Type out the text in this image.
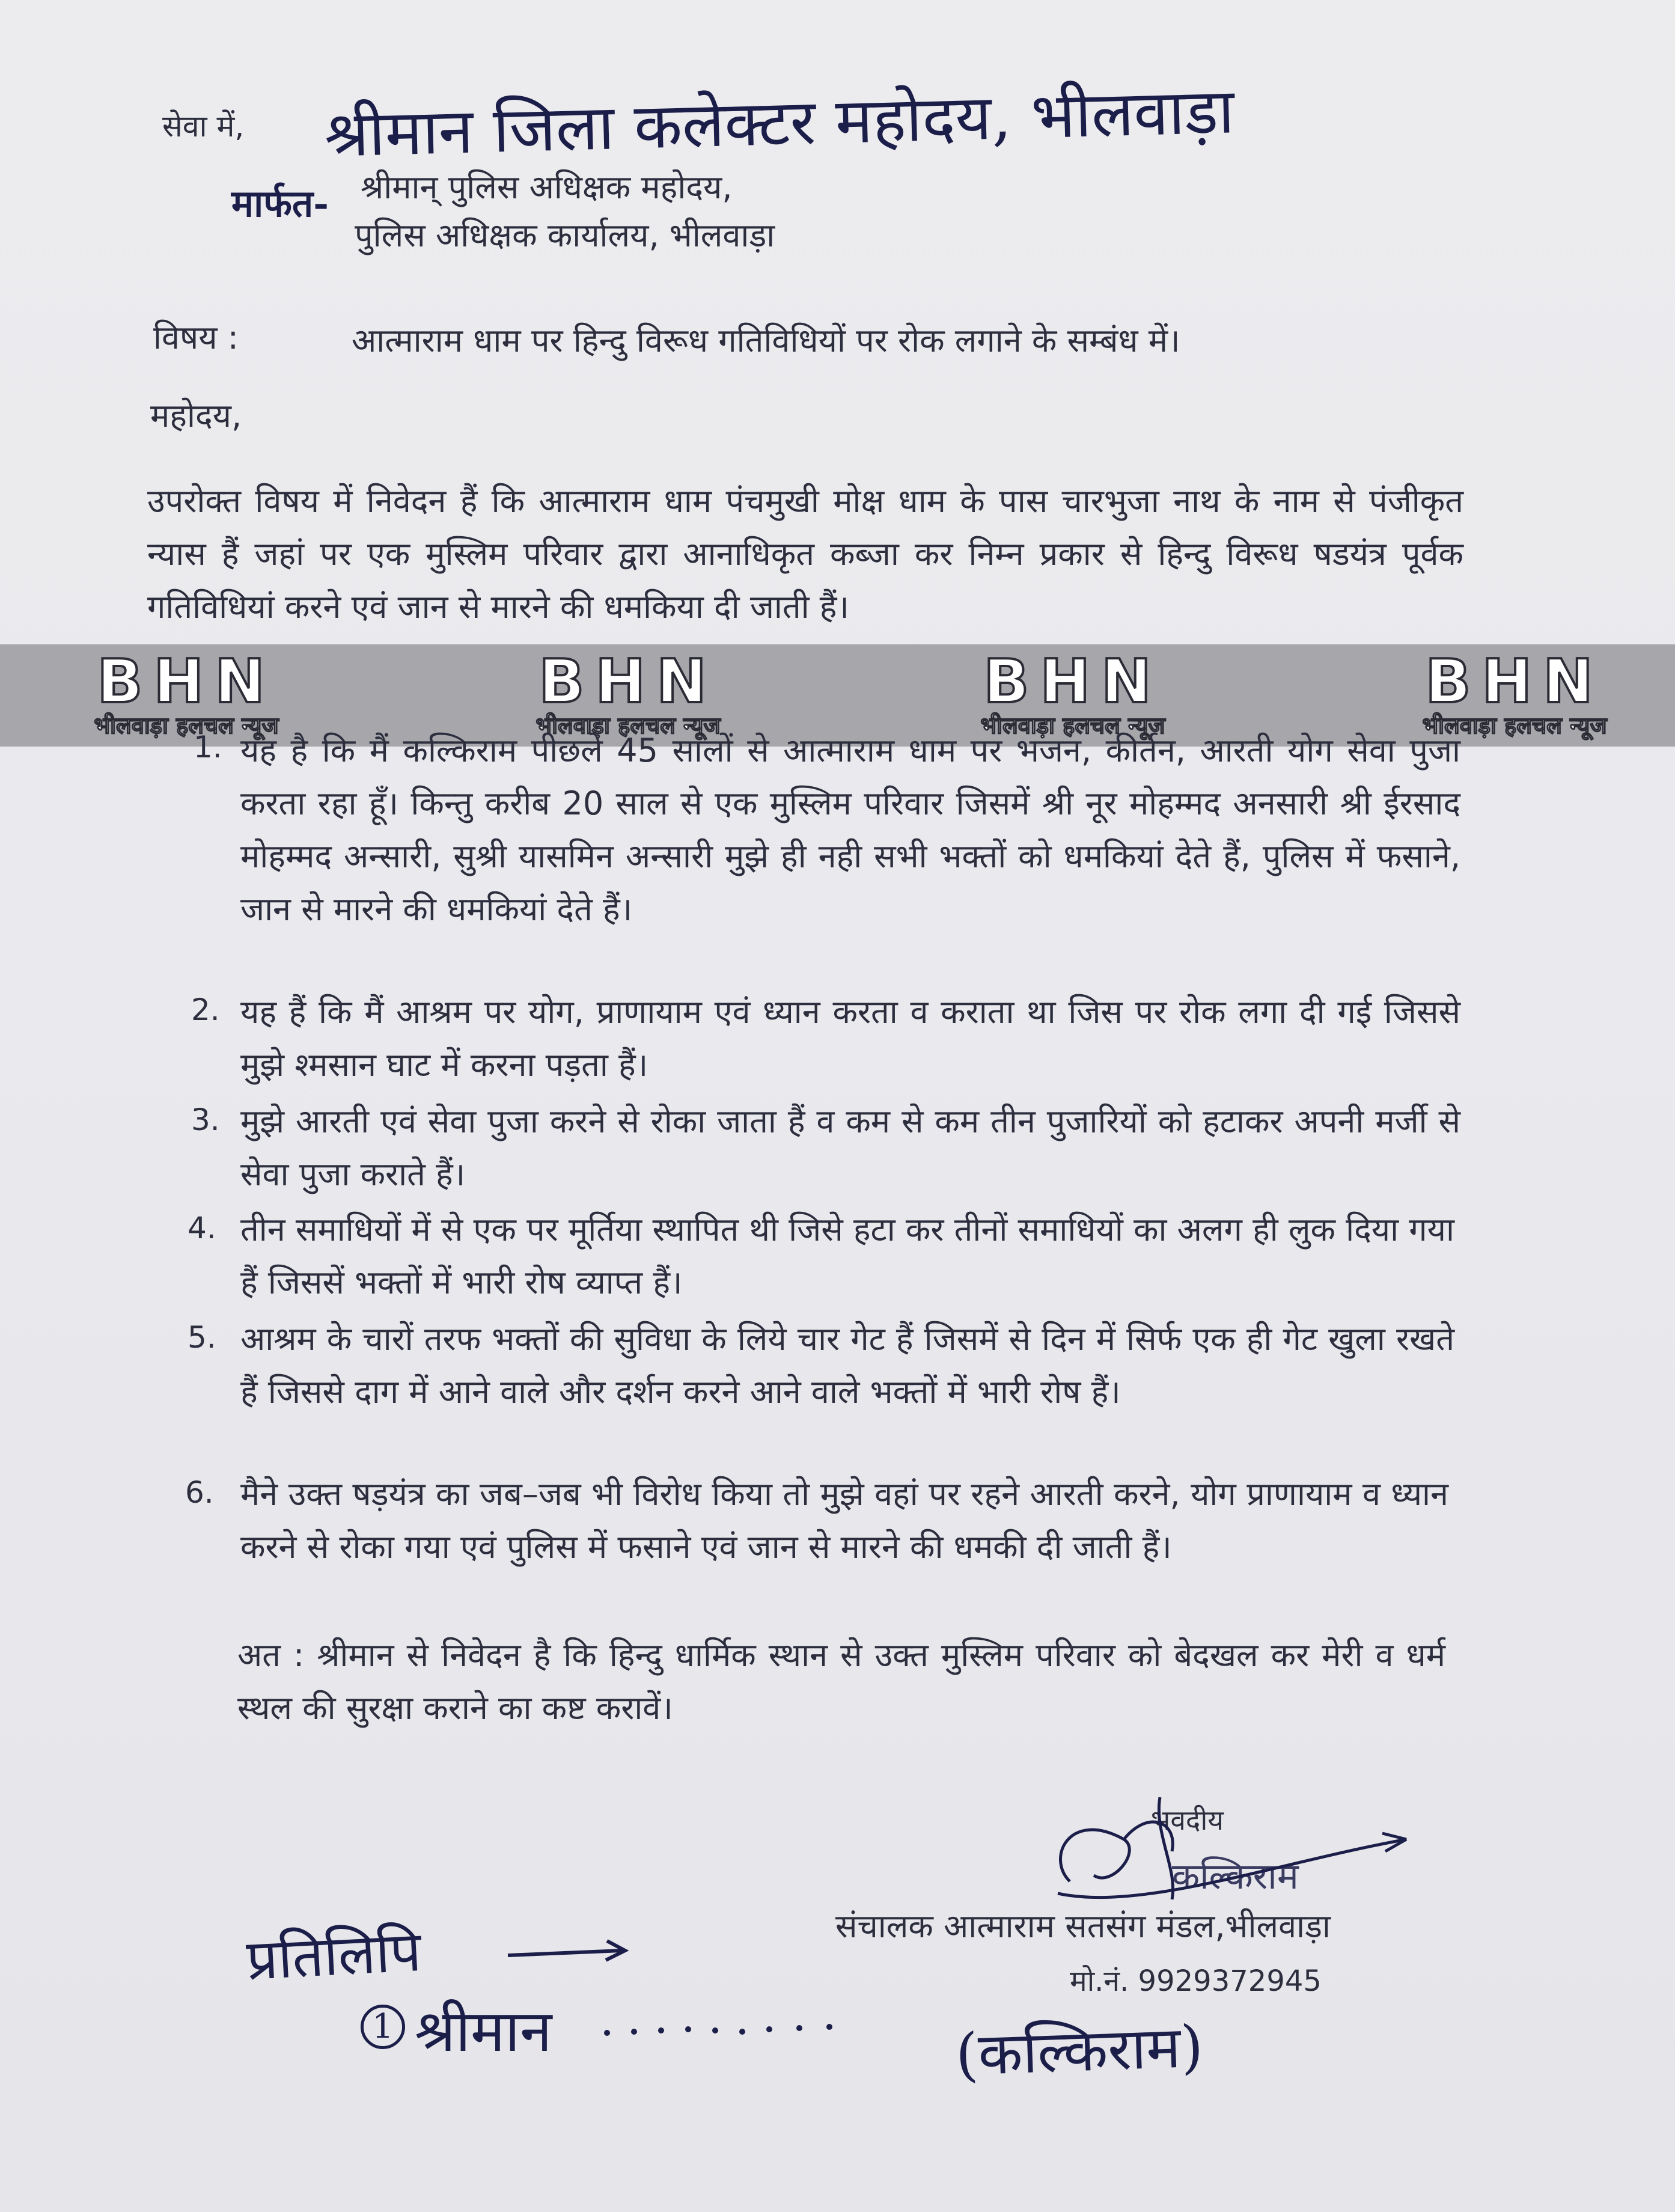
सेवा में, श्रीमान जिला कलेक्टर महोदय, भीलवाड़ा
मार्फत- श्रीमान् पुलिस अधिक्षक महोदय,
पुलिस अधिक्षक कार्यालय, भीलवाड़ा
विषय :	आत्माराम धाम पर हिन्दु विरूध गतिविधियों पर रोक लगाने के सम्बंध में।
महोदय,
उपरोक्त विषय में निवेदन हैं कि आत्माराम धाम पंचमुखी मोक्ष धाम के पास चारभुजा नाथ के नाम से पंजीकृत न्यास हैं जहां पर एक मुस्लिम परिवार द्वारा आनाधिकृत कब्जा कर निम्न प्रकार से हिन्दु विरूध षडयंत्र पूर्वक गतिविधियां करने एवं जान से मारने की धमकिया दी जाती हैं।
BHN
भीलवाड़ा हलचल न्यूज
BHN
भीलवाड़ा हलचल न्यूज
BHN
भीलवाड़ा हलचल न्यूज
BHN
भीलवाड़ा हलचल न्यूज
1. यह है कि मैं कल्किराम पीछले 45 सालों से आत्माराम धाम पर भजन, कीर्तन, आरती योग सेवा पुजा करता रहा हूँ। किन्तु करीब 20 साल से एक मुस्लिम परिवार जिसमें श्री नूर मोहम्मद अनसारी श्री ईरसाद मोहम्मद अन्सारी, सुश्री यासमिन अन्सारी मुझे ही नही सभी भक्तों को धमकियां देते हैं, पुलिस में फसाने, जान से मारने की धमकियां देते हैं।
2. यह हैं कि मैं आश्रम पर योग, प्राणायाम एवं ध्यान करता व कराता था जिस पर रोक लगा दी गई जिससे मुझे श्मसान घाट में करना पड़ता हैं।
3. मुझे आरती एवं सेवा पुजा करने से रोका जाता हैं व कम से कम तीन पुजारियों को हटाकर अपनी मर्जी से सेवा पुजा कराते हैं।
4. तीन समाधियों में से एक पर मूर्तिया स्थापित थी जिसे हटा कर तीनों समाधियों का अलग ही लुक दिया गया हैं जिससें भक्तों में भारी रोष व्याप्त हैं।
5. आश्रम के चारों तरफ भक्तों की सुविधा के लिये चार गेट हैं जिसमें से दिन में सिर्फ एक ही गेट खुला रखते हैं जिससे दाग में आने वाले और दर्शन करने आने वाले भक्तों में भारी रोष हैं।
6. मैने उक्त षड़यंत्र का जब–जब भी विरोध किया तो मुझे वहां पर रहने आरती करने, योग प्राणायाम व ध्यान करने से रोका गया एवं पुलिस में फसाने एवं जान से मारने की धमकी दी जाती हैं।
अत : श्रीमान से निवेदन है कि हिन्दु धार्मिक स्थान से उक्त मुस्लिम परिवार को बेदखल कर मेरी व धर्म स्थल की सुरक्षा कराने का कष्ट करावें।
भवदीय
कल्किराम
संचालक आत्माराम सतसंग मंडल,भीलवाड़ा
मो.नं. 9929372945
(कल्किराम)
प्रतिलिपि
1 श्रीमान
